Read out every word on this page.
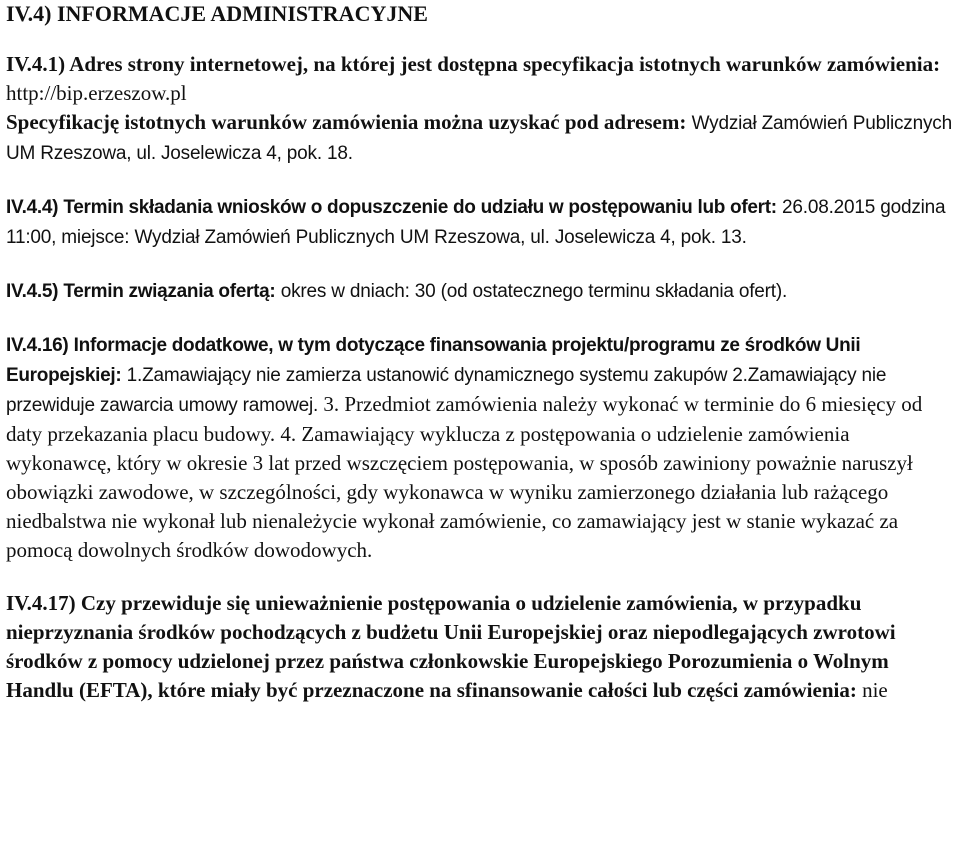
IV.4) INFORMACJE ADMINISTRACYJNE
IV.4.1) Adres strony internetowej, na której jest dostępna specyfikacja istotnych warunków zamówienia: http://bip.erzeszow.pl
Specyfikację istotnych warunków zamówienia można uzyskać pod adresem: Wydział Zamówień Publicznych UM Rzeszowa, ul. Joselewicza 4, pok. 18.
IV.4.4) Termin składania wniosków o dopuszczenie do udziału w postępowaniu lub ofert: 26.08.2015 godzina 11:00, miejsce: Wydział Zamówień Publicznych UM Rzeszowa, ul. Joselewicza 4, pok. 13.
IV.4.5) Termin związania ofertą: okres w dniach: 30 (od ostatecznego terminu składania ofert).
IV.4.16) Informacje dodatkowe, w tym dotyczące finansowania projektu/programu ze środków Unii Europejskiej: 1.Zamawiający nie zamierza ustanowić dynamicznego systemu zakupów 2.Zamawiający nie przewiduje zawarcia umowy ramowej. 3. Przedmiot zamówienia należy wykonać w terminie do 6 miesięcy od daty przekazania placu budowy. 4. Zamawiający wyklucza z postępowania o udzielenie zamówienia wykonawcę, który w okresie 3 lat przed wszczęciem postępowania, w sposób zawiniony poważnie naruszył obowiązki zawodowe, w szczególności, gdy wykonawca w wyniku zamierzonego działania lub rażącego niedbalstwa nie wykonał lub nienależycie wykonał zamówienie, co zamawiający jest w stanie wykazać za pomocą dowolnych środków dowodowych.
IV.4.17) Czy przewiduje się unieważnienie postępowania o udzielenie zamówienia, w przypadku nieprzyznania środków pochodzących z budżetu Unii Europejskiej oraz niepodlegających zwrotowi środków z pomocy udzielonej przez państwa członkowskie Europejskiego Porozumienia o Wolnym Handlu (EFTA), które miały być przeznaczone na sfinansowanie całości lub części zamówienia: nie
